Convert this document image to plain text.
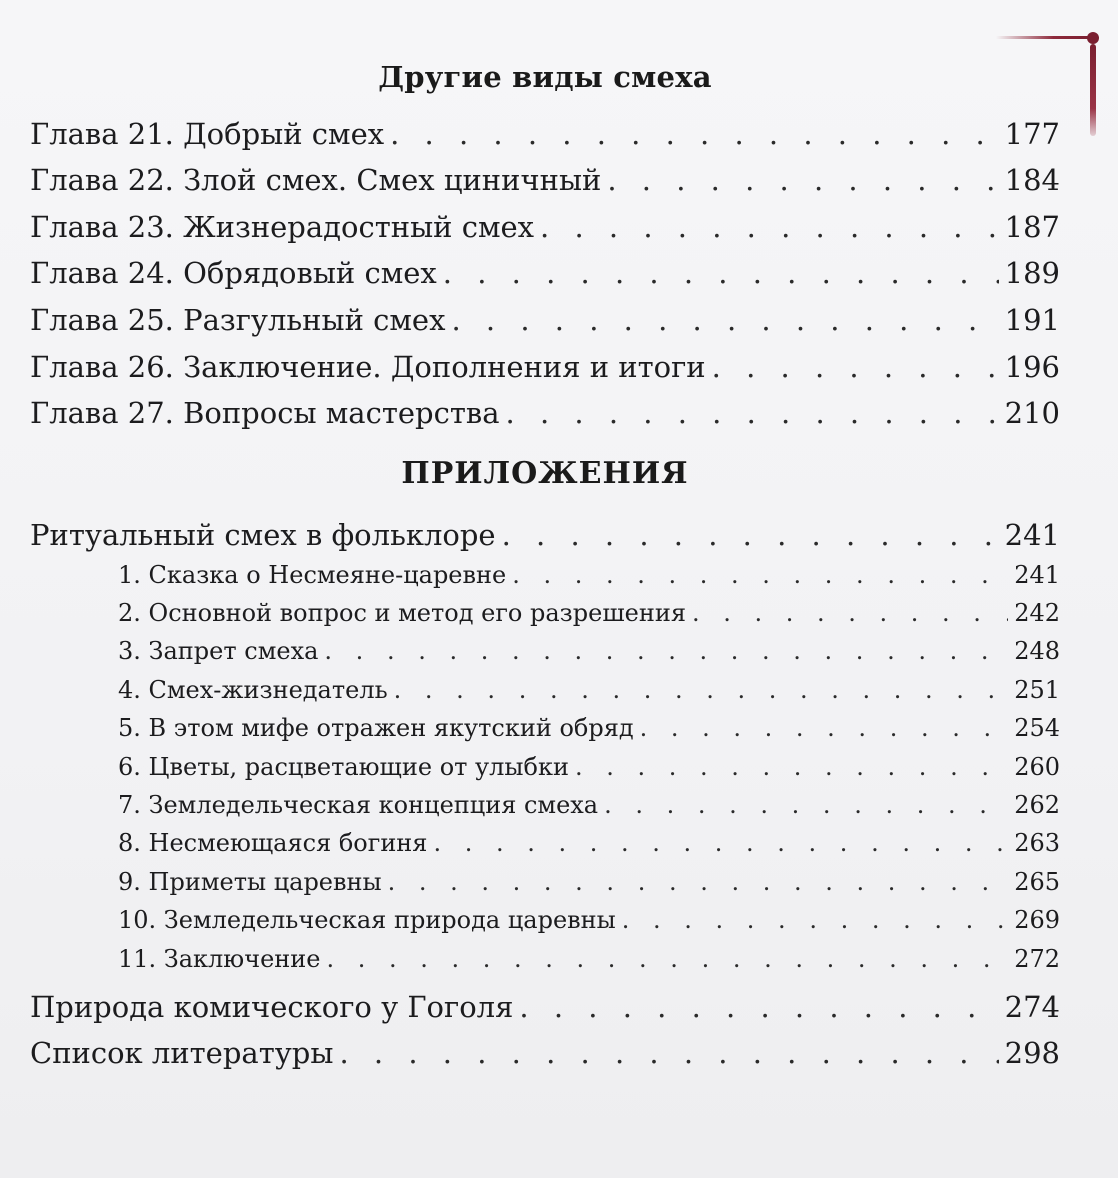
Другие виды смеха
Глава 21. Добрый смех . . .	177
Глава 22. Злой смех. Смех циничный . . .	184
Глава 23. Жизнерадостный смех . . .	187
Глава 24. Обрядовый смех . . .	189
Глава 25. Разгульный смех . . .	191
Глава 26. Заключение. Дополнения и итоги . . .	196
Глава 27. Вопросы мастерства . . .	210
ПРИЛОЖЕНИЯ
Ритуальный смех в фольклоре . . .	241
1. Сказка о Несмеяне-царевне . . .	241
2. Основной вопрос и метод его разрешения . . .	242
3. Запрет смеха . . .	248
4. Смех-жизнедатель . . .	251
5. В этом мифе отражен якутский обряд . . .	254
6. Цветы, расцветающие от улыбки . . .	260
7. Земледельческая концепция смеха . . .	262
8. Несмеющаяся богиня . . .	263
9. Приметы царевны . . .	265
10. Земледельческая природа царевны . . .	269
11. Заключение . . .	272
Природа комического у Гоголя . . .	274
Список литературы . . .	298
